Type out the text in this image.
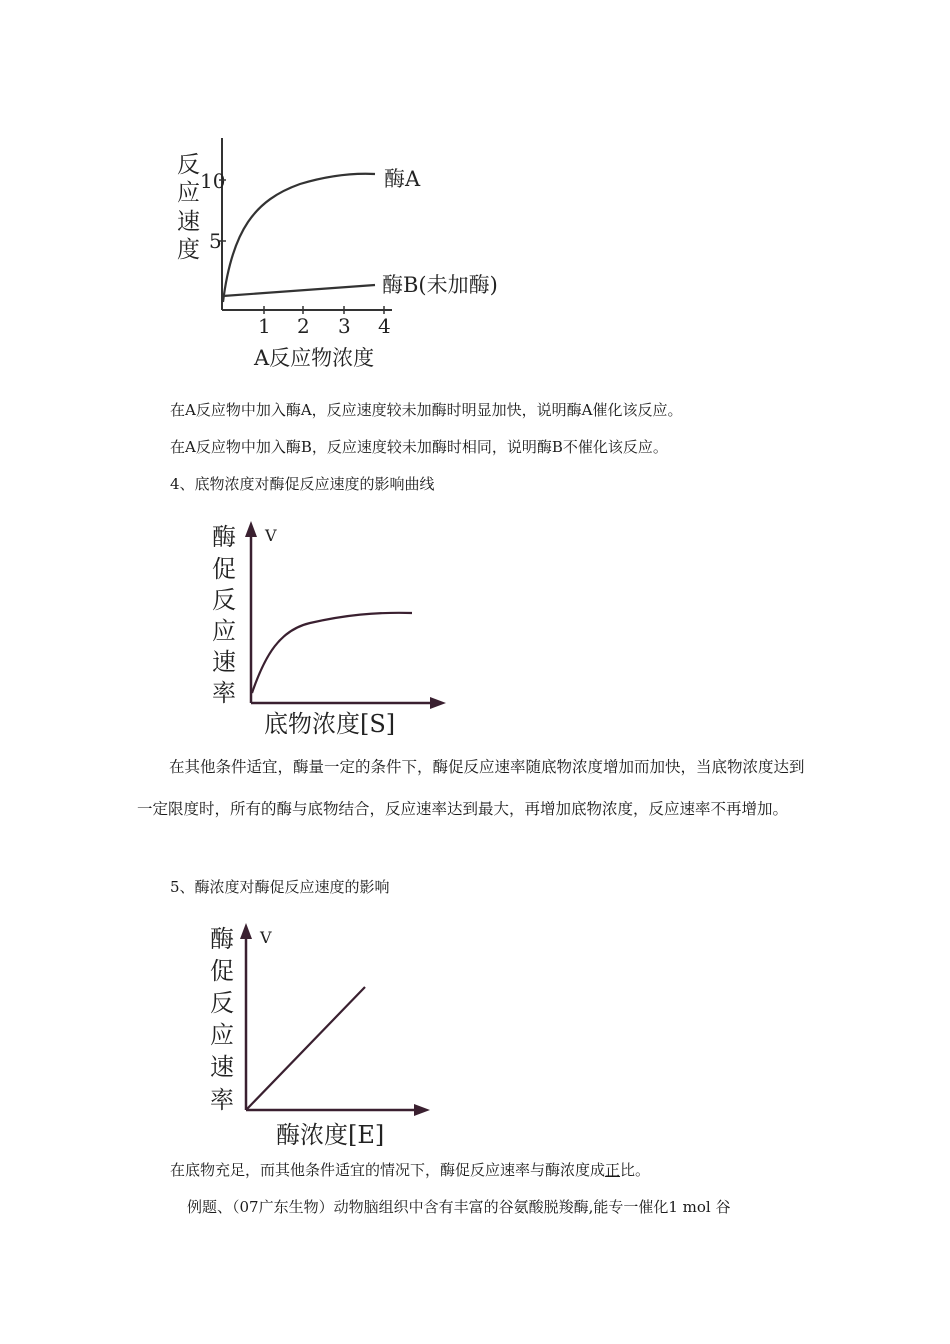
反
应
速
度
10
5
1 2 3 4
A反应物浓度
酶A
酶B(未加酶)
在A反应物中加入酶A，反应速度较未加酶时明显加快，说明酶A催化该反应。
在A反应物中加入酶B，反应速度较未加酶时相同，说明酶B不催化该反应。
4、底物浓度对酶促反应速度的影响曲线
酶
促
反
应
速
率
V
底物浓度[S]
在其他条件适宜，酶量一定的条件下，酶促反应速率随底物浓度增加而加快，当底物浓度达到一定限度时，所有的酶与底物结合，反应速率达到最大，再增加底物浓度，反应速率不再增加。
5、酶浓度对酶促反应速度的影响
酶
促
反
应
速
率
V
酶浓度[E]
在底物充足，而其他条件适宜的情况下，酶促反应速率与酶浓度成正比。
例题、（07广东生物）动物脑组织中含有丰富的谷氨酸脱羧酶,能专一催化1 mol 谷
